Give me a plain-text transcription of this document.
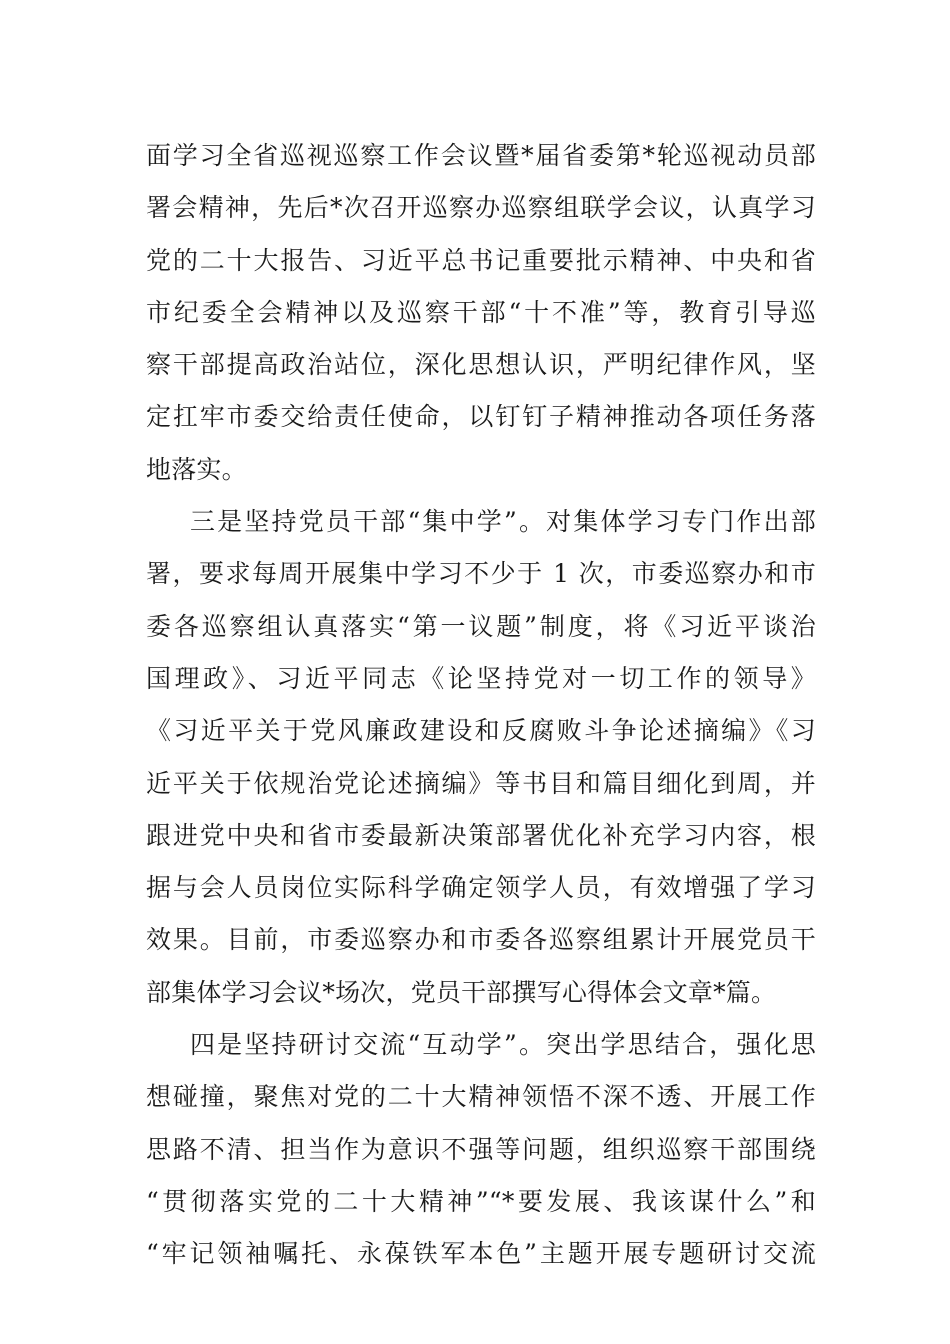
面学习全省巡视巡察工作会议暨*届省委第*轮巡视动员部
署会精神，先后*次召开巡察办巡察组联学会议，认真学习
党的二十大报告、习近平总书记重要批示精神、中央和省
市纪委全会精神以及巡察干部“十不准”等，教育引导巡
察干部提高政治站位，深化思想认识，严明纪律作风，坚
定扛牢市委交给责任使命，以钉钉子精神推动各项任务落
地落实。
三是坚持党员干部“集中学”。对集体学习专门作出部
署，要求每周开展集中学习不少于 1 次，市委巡察办和市
委各巡察组认真落实“第一议题”制度，将《习近平谈治
国理政》、习近平同志《论坚持党对一切工作的领导》
《习近平关于党风廉政建设和反腐败斗争论述摘编》《习
近平关于依规治党论述摘编》等书目和篇目细化到周，并
跟进党中央和省市委最新决策部署优化补充学习内容，根
据与会人员岗位实际科学确定领学人员，有效增强了学习
效果。目前，市委巡察办和市委各巡察组累计开展党员干
部集体学习会议*场次，党员干部撰写心得体会文章*篇。
四是坚持研讨交流“互动学”。突出学思结合，强化思
想碰撞，聚焦对党的二十大精神领悟不深不透、开展工作
思路不清、担当作为意识不强等问题，组织巡察干部围绕
“贯彻落实党的二十大精神”“*要发展、我该谋什么”和
“牢记领袖嘱托、永葆铁军本色”主题开展专题研讨交流
